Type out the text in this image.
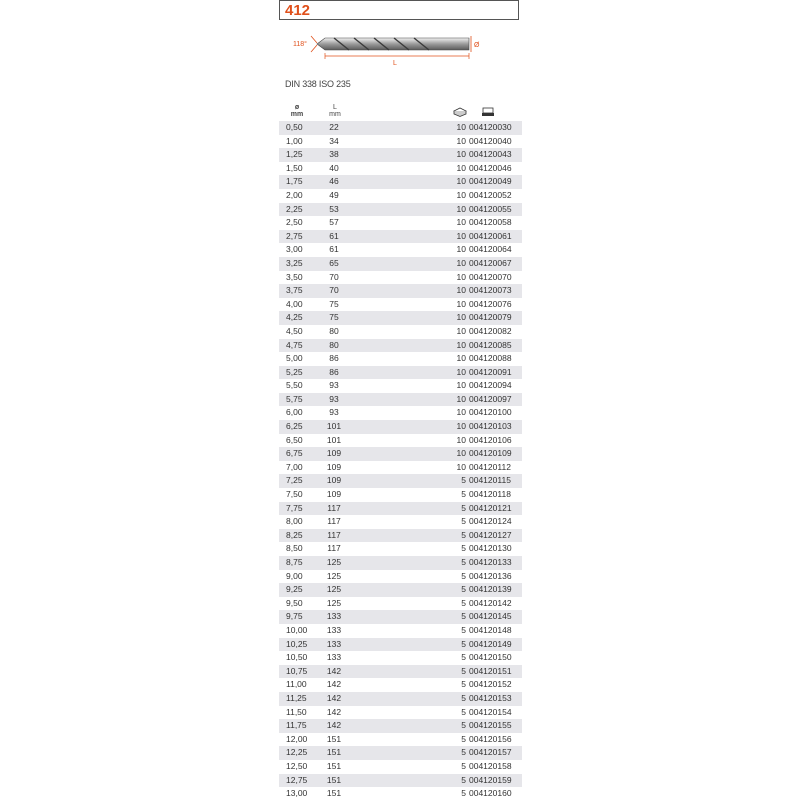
412
118°	Ø
L
DIN 338 ISO 235
ø
mm
L
mm
0,50	22	10 004120030
1,00	34	10 004120040
1,25	38	10 004120043
1,50	40	10 004120046
1,75	46	10 004120049
2,00	49	10 004120052
2,25	53	10 004120055
2,50	57	10 004120058
2,75	61	10 004120061
3,00	61	10 004120064
3,25	65	10 004120067
3,50	70	10 004120070
3,75	70	10 004120073
4,00	75	10 004120076
4,25	75	10 004120079
4,50	80	10 004120082
4,75	80	10 004120085
5,00	86	10 004120088
5,25	86	10 004120091
5,50	93	10 004120094
5,75	93	10 004120097
6,00	93	10 004120100
6,25	101	10 004120103
6,50	101	10 004120106
6,75	109	10 004120109
7,00	109	10 004120112
7,25	109	5 004120115
7,50	109	5 004120118
7,75	117	5 004120121
8,00	117	5 004120124
8,25	117	5 004120127
8,50	117	5 004120130
8,75	125	5 004120133
9,00	125	5 004120136
9,25	125	5 004120139
9,50	125	5 004120142
9,75	133	5 004120145
10,00	133	5 004120148
10,25	133	5 004120149
10,50	133	5 004120150
10,75	142	5 004120151
11,00	142	5 004120152
11,25	142	5 004120153
11,50	142	5 004120154
11,75	142	5 004120155
12,00	151	5 004120156
12,25	151	5 004120157
12,50	151	5 004120158
12,75	151	5 004120159
13,00	151	5 004120160
